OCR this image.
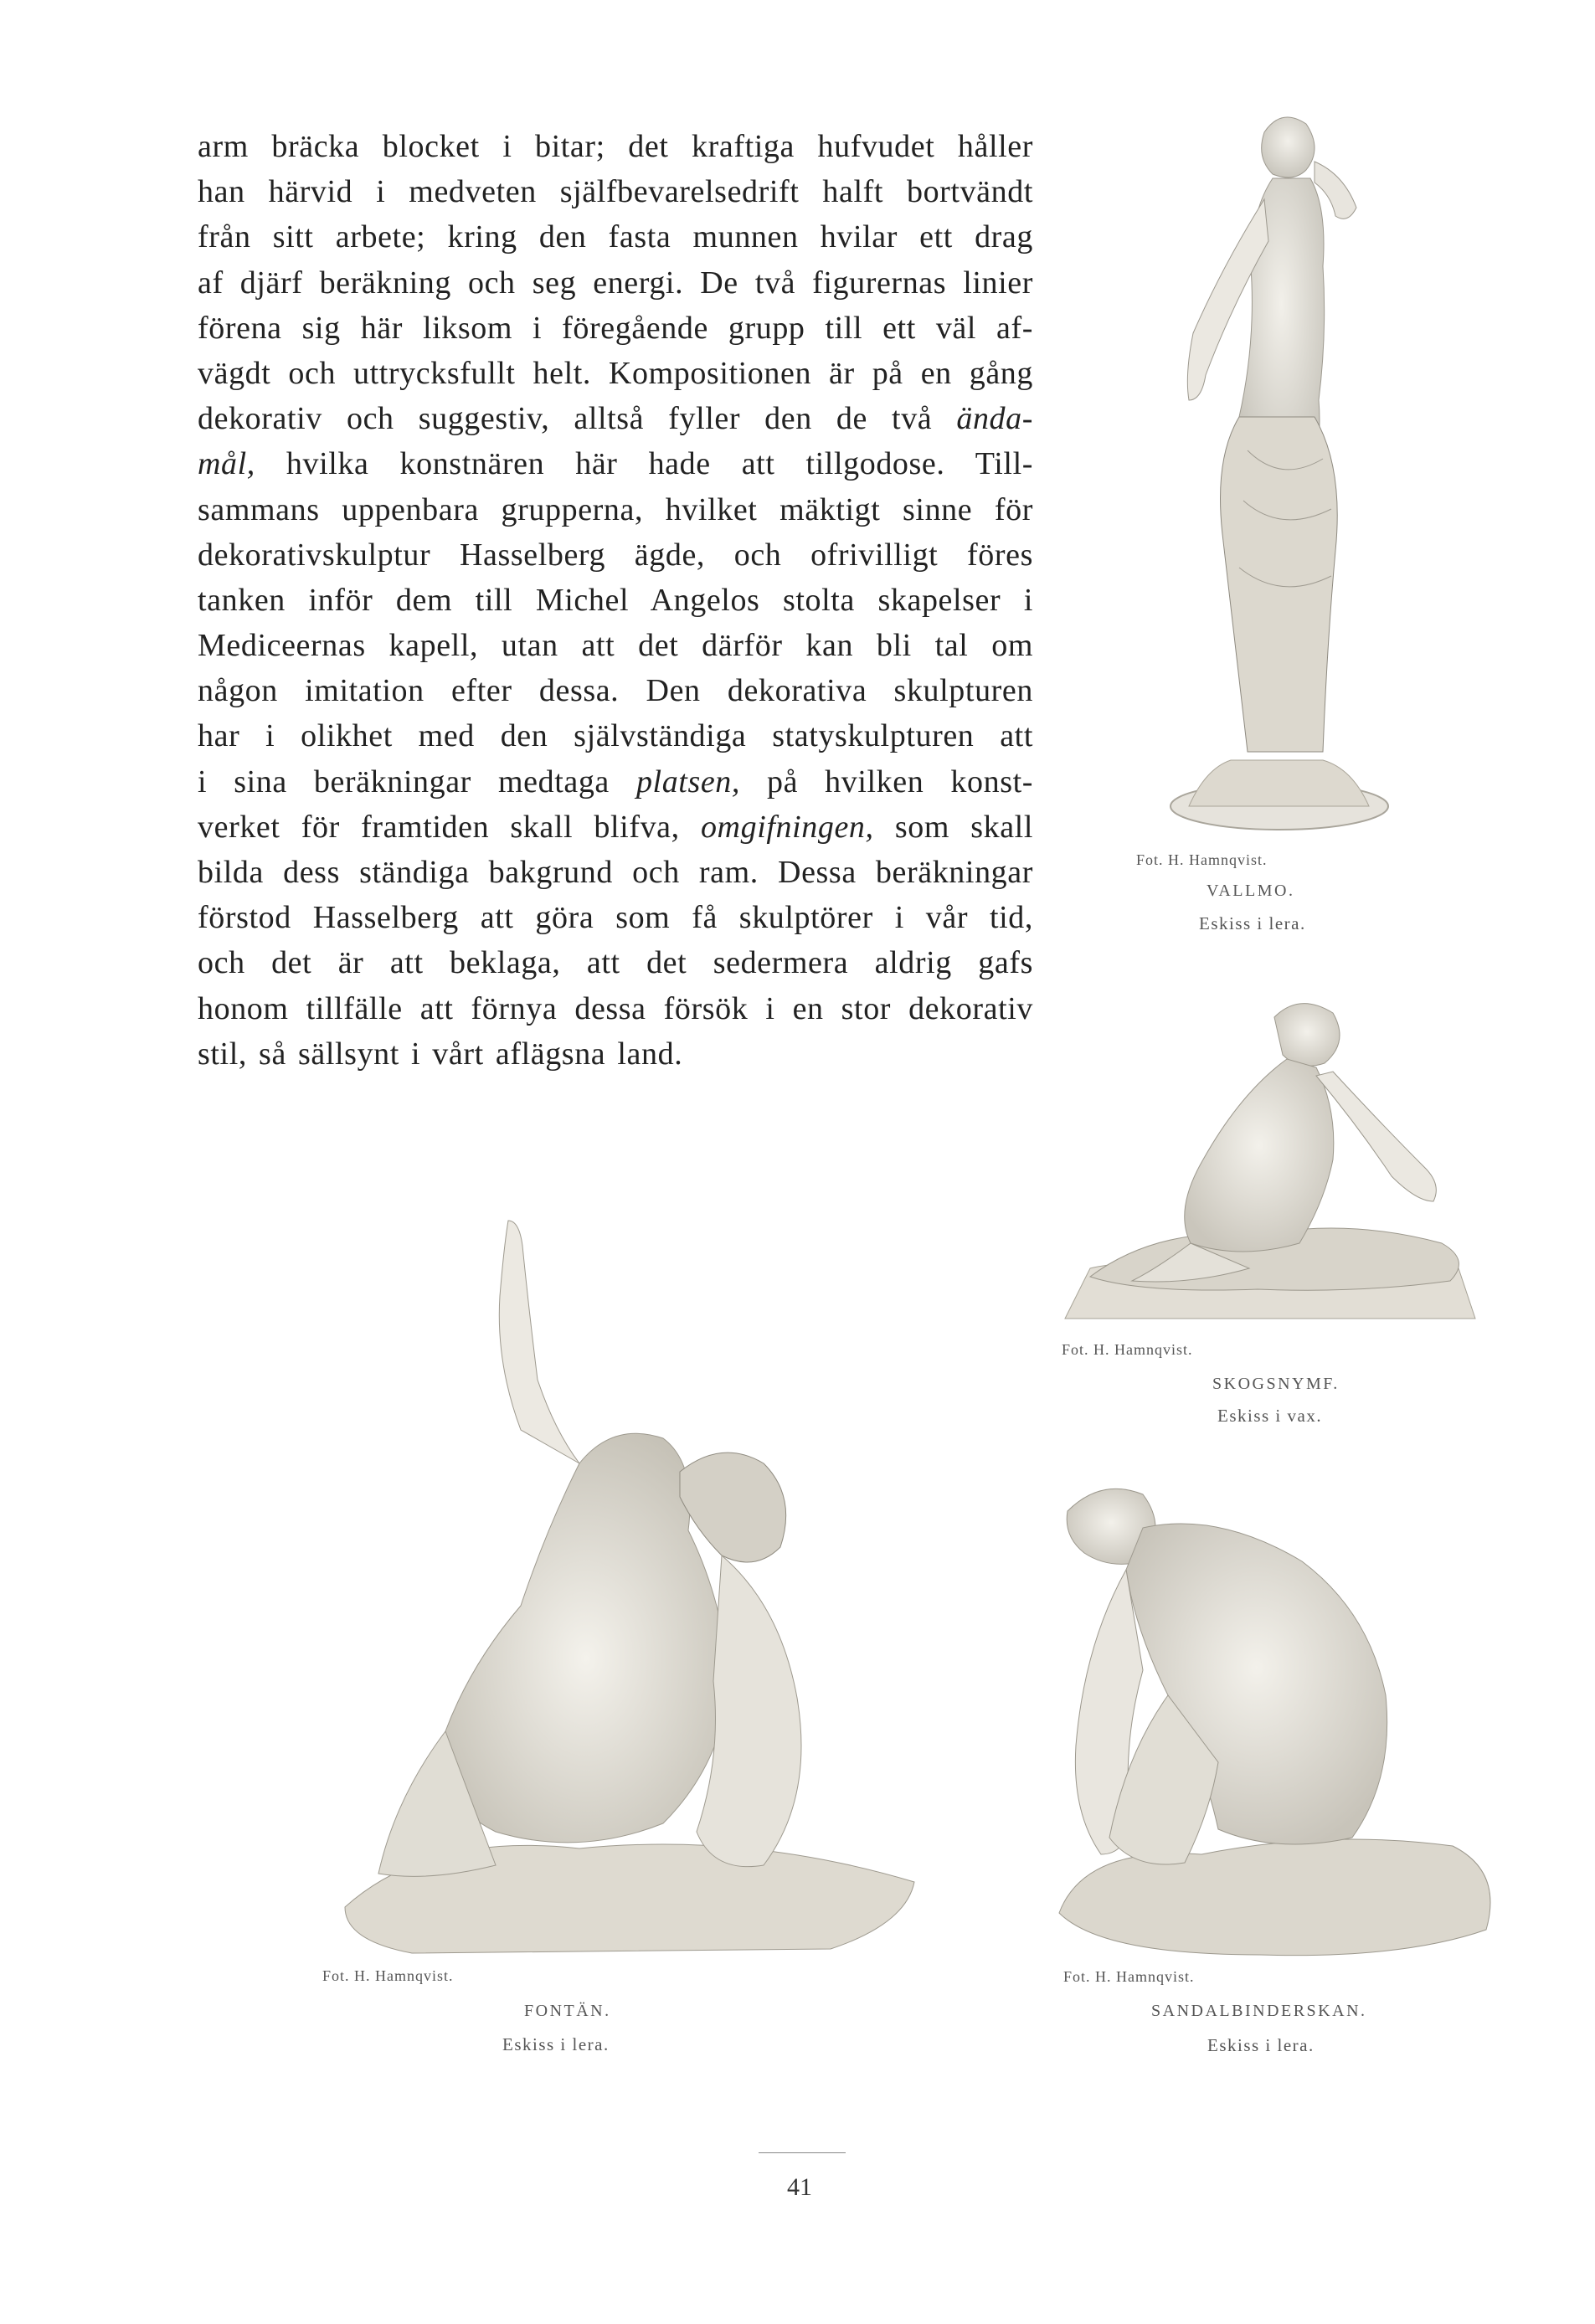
arm bräcka blocket i bitar; det kraftiga hufvudet håller
han härvid i medveten själfbevarelsedrift halft bortvändt
från sitt arbete; kring den fasta munnen hvilar ett drag
af djärf beräkning och seg energi. De två figurernas linier
förena sig här liksom i föregående grupp till ett väl af-
vägdt och uttrycksfullt helt. Kompositionen är på en gång
dekorativ och suggestiv, alltså fyller den de två ända-
mål, hvilka konstnären här hade att tillgodose. Till-
sammans uppenbara grupperna, hvilket mäktigt sinne för
dekorativskulptur Hasselberg ägde, och ofrivilligt föres
tanken inför dem till Michel Angelos stolta skapelser i
Mediceernas kapell, utan att det därför kan bli tal om
någon imitation efter dessa. Den dekorativa skulpturen
har i olikhet med den självständiga statyskulpturen att
i sina beräkningar medtaga platsen, på hvilken konst-
verket för framtiden skall blifva, omgifningen, som skall
bilda dess ständiga bakgrund och ram. Dessa beräkningar
förstod Hasselberg att göra som få skulptörer i vår tid,
och det är att beklaga, att det sedermera aldrig gafs
honom tillfälle att förnya dessa försök i en stor dekorativ
stil, så sällsynt i vårt aflägsna land.
Fot. H. Hamnqvist.
VALLMO.
Eskiss i lera.
Fot. H. Hamnqvist.
SKOGSNYMF.
Eskiss i vax.
Fot. H. Hamnqvist.
FONTÄN.
Eskiss i lera.
Fot. H. Hamnqvist.
SANDALBINDERSKAN.
Eskiss i lera.
41
